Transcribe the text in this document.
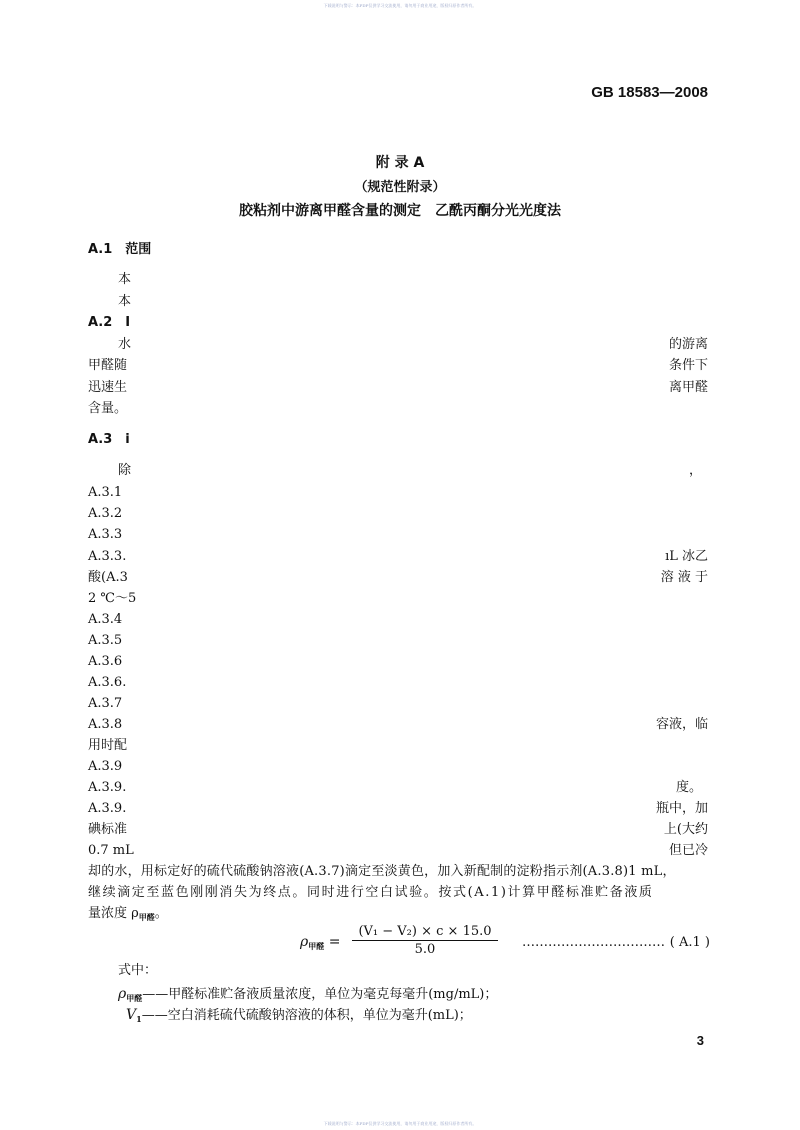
下载说明与警示：本PDF仅供学习交流使用，请勿用于商业用途，版权归原作者所有。
GB 18583—2008
附 录 A
（规范性附录）
胶粘剂中游离甲醛含量的测定　乙酰丙酮分光光度法
A.1　范围
本
本
A.2　Ⅰ
水	的游离
甲醛随	条件下
迅速生	离甲醛
含量。
A.3　i
除	，
A.3.1
A.3.2
A.3.3
A.3.3.	ıL 冰乙
酸(A.3	溶 液 于
2 ℃～5
A.3.4
A.3.5
A.3.6
A.3.6.
A.3.7
A.3.8	容液，临
用时配
A.3.9
A.3.9.	度。
A.3.9.	瓶中，加
碘标准	上(大约
0.7 mL	但已冷
却的水，用标定好的硫代硫酸钠溶液(A.3.7)滴定至淡黄色，加入新配制的淀粉指示剂(A.3.8)1 mL，
继续滴定至蓝色刚刚消失为终点。同时进行空白试验。按式(A.1)计算甲醛标准贮备液质
量浓度 $\rho_{甲醛}$。
$\rho_{甲醛} = \frac{\text{(V₁ − V₂) × c × 15.0}}{5.0}$ …………………………… ( A.1 )
式中：
$\rho_{甲醛}——$甲醛标准贮备液质量浓度，单位为毫克每毫升(mg/mL)；
$V_1——$空白消耗硫代硫酸钠溶液的体积，单位为毫升(mL)；
3
下载说明与警示：本PDF仅供学习交流使用，请勿用于商业用途，版权归原作者所有。
